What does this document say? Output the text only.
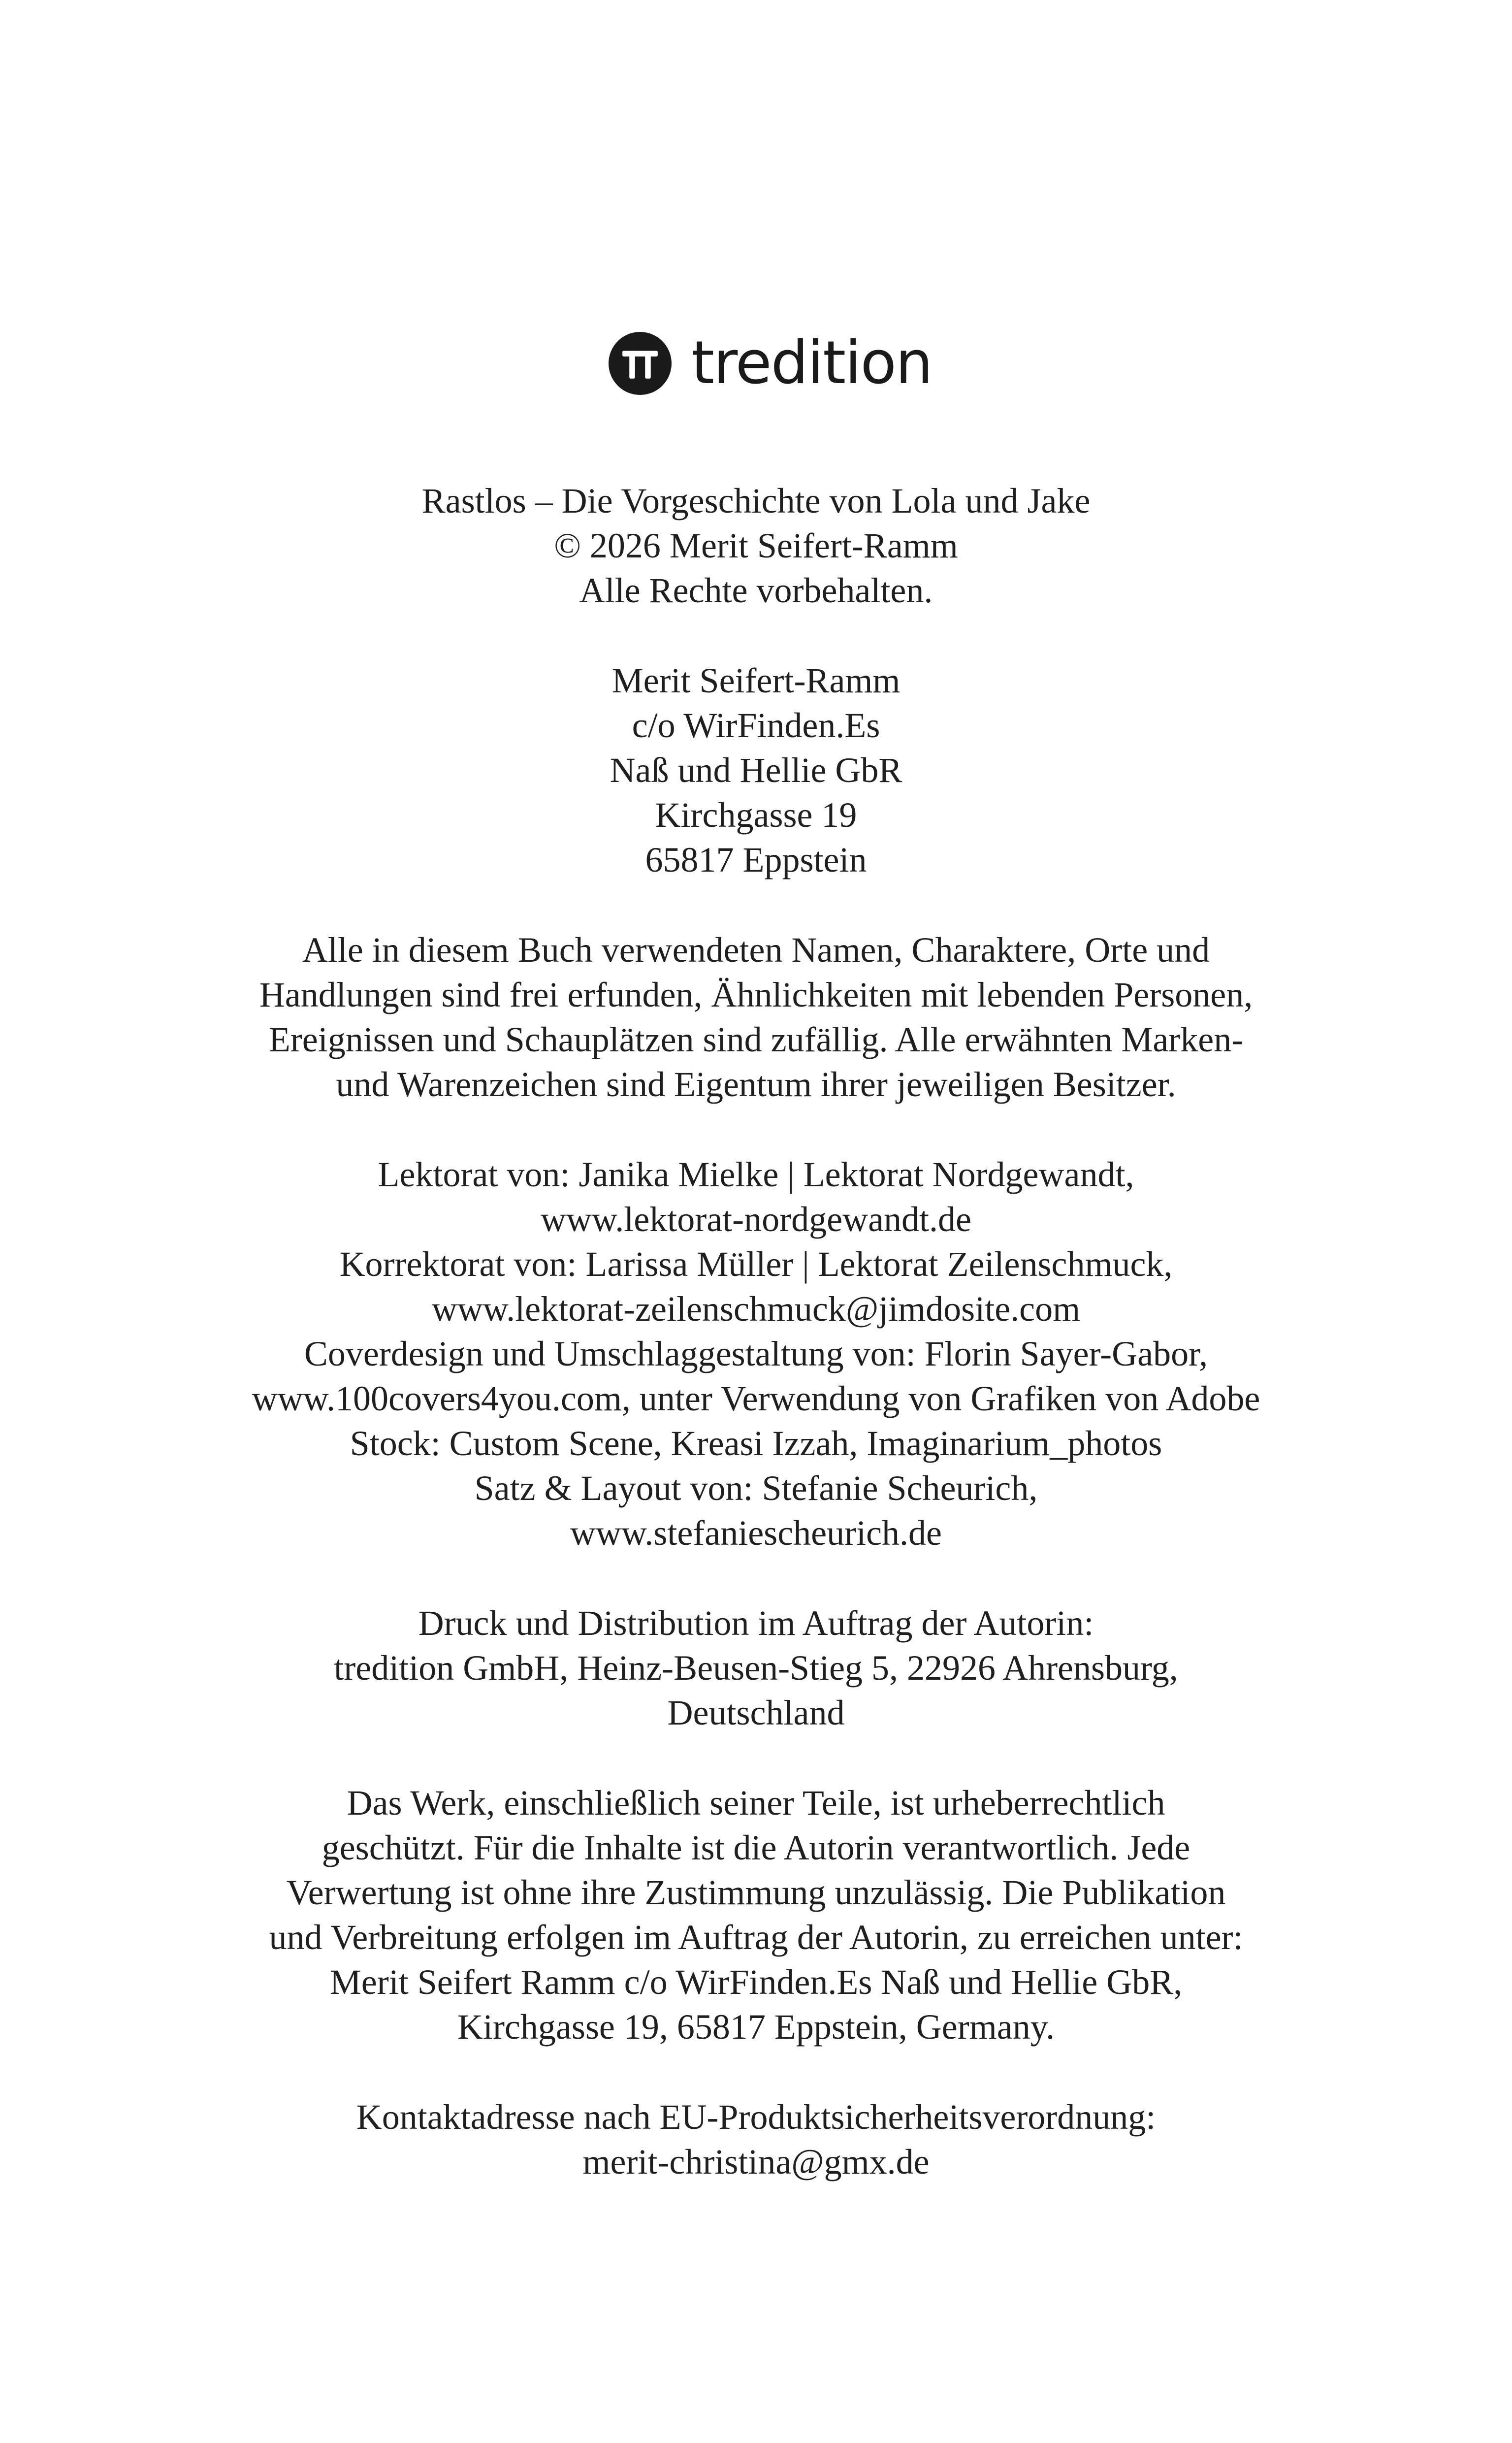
tredition
Rastlos – Die Vorgeschichte von Lola und Jake
© 2026 Merit Seifert-Ramm
Alle Rechte vorbehalten.
Merit Seifert-Ramm
c/o WirFinden.Es
Naß und Hellie GbR
Kirchgasse 19
65817 Eppstein
Alle in diesem Buch verwendeten Namen, Charaktere, Orte und
Handlungen sind frei erfunden, Ähnlichkeiten mit lebenden Personen,
Ereignissen und Schauplätzen sind zufällig. Alle erwähnten Marken-
und Warenzeichen sind Eigentum ihrer jeweiligen Besitzer.
Lektorat von: Janika Mielke | Lektorat Nordgewandt,
www.lektorat-nordgewandt.de
Korrektorat von: Larissa Müller | Lektorat Zeilenschmuck,
www.lektorat-zeilenschmuck@jimdosite.com
Coverdesign und Umschlaggestaltung von: Florin Sayer-Gabor,
www.100covers4you.com, unter Verwendung von Grafiken von Adobe
Stock: Custom Scene, Kreasi Izzah, Imaginarium_photos
Satz & Layout von: Stefanie Scheurich,
www.stefaniescheurich.de
Druck und Distribution im Auftrag der Autorin:
tredition GmbH, Heinz-Beusen-Stieg 5, 22926 Ahrensburg,
Deutschland
Das Werk, einschließlich seiner Teile, ist urheberrechtlich
geschützt. Für die Inhalte ist die Autorin verantwortlich. Jede
Verwertung ist ohne ihre Zustimmung unzulässig. Die Publikation
und Verbreitung erfolgen im Auftrag der Autorin, zu erreichen unter:
Merit Seifert Ramm c/o WirFinden.Es Naß und Hellie GbR,
Kirchgasse 19, 65817 Eppstein, Germany.
Kontaktadresse nach EU-Produktsicherheitsverordnung:
merit-christina@gmx.de
